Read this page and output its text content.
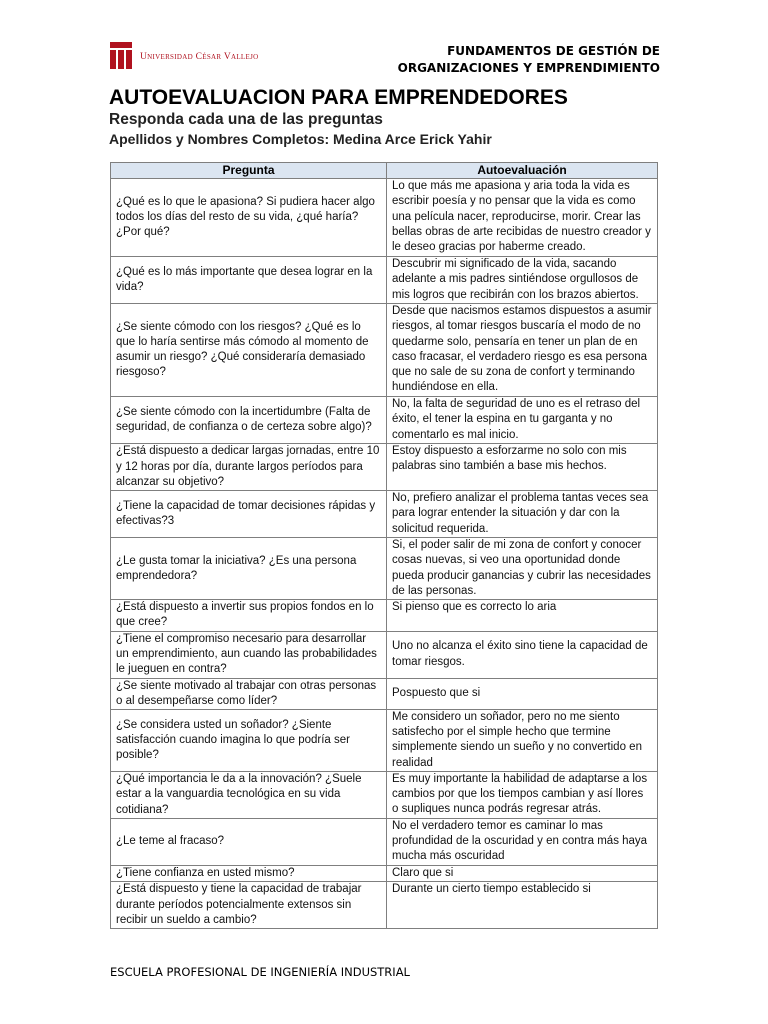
Universidad César Vallejo	FUNDAMENTOS DE GESTIÓN DE ORGANIZACIONES Y EMPRENDIMIENTO
AUTOEVALUACION PARA EMPRENDEDORES
Responda cada una de las preguntas
Apellidos y Nombres Completos: Medina Arce Erick Yahir
Pregunta	Autoevaluación
¿Qué es lo que le apasiona? Si pudiera hacer algo todos los días del resto de su vida, ¿qué haría? ¿Por qué?	Lo que más me apasiona y aria toda la vida es escribir poesía y no pensar que la vida es como una película nacer, reproducirse, morir. Crear las bellas obras de arte recibidas de nuestro creador y le deseo gracias por haberme creado.
¿Qué es lo más importante que desea lograr en la vida?	Descubrir mi significado de la vida, sacando adelante a mis padres sintiéndose orgullosos de mis logros que recibirán con los brazos abiertos.
¿Se siente cómodo con los riesgos? ¿Qué es lo que lo haría sentirse más cómodo al momento de asumir un riesgo? ¿Qué consideraría demasiado riesgoso?	Desde que nacismos estamos dispuestos a asumir riesgos, al tomar riesgos buscaría el modo de no quedarme solo, pensaría en tener un plan de en caso fracasar, el verdadero riesgo es esa persona que no sale de su zona de confort y terminando hundiéndose en ella.
¿Se siente cómodo con la incertidumbre (Falta de seguridad, de confianza o de certeza sobre algo)?	No, la falta de seguridad de uno es el retraso del éxito, el tener la espina en tu garganta y no comentarlo es mal inicio.
¿Está dispuesto a dedicar largas jornadas, entre 10 y 12 horas por día, durante largos períodos para alcanzar su objetivo?	Estoy dispuesto a esforzarme no solo con mis palabras sino también a base mis hechos.
¿Tiene la capacidad de tomar decisiones rápidas y efectivas?3	No, prefiero analizar el problema tantas veces sea para lograr entender la situación y dar con la solicitud requerida.
¿Le gusta tomar la iniciativa? ¿Es una persona emprendedora?	Si, el poder salir de mi zona de confort y conocer cosas nuevas, si veo una oportunidad donde pueda producir ganancias y cubrir las necesidades de las personas.
¿Está dispuesto a invertir sus propios fondos en lo que cree?	Si pienso que es correcto lo aria
¿Tiene el compromiso necesario para desarrollar un emprendimiento, aun cuando las probabilidades le jueguen en contra?	Uno no alcanza el éxito sino tiene la capacidad de tomar riesgos.
¿Se siente motivado al trabajar con otras personas o al desempeñarse como líder?	Pospuesto que si
¿Se considera usted un soñador? ¿Siente satisfacción cuando imagina lo que podría ser posible?	Me considero un soñador, pero no me siento satisfecho por el simple hecho que termine simplemente siendo un sueño y no convertido en realidad
¿Qué importancia le da a la innovación? ¿Suele estar a la vanguardia tecnológica en su vida cotidiana?	Es muy importante la habilidad de adaptarse a los cambios por que los tiempos cambian y así llores o supliques nunca podrás regresar atrás.
¿Le teme al fracaso?	No el verdadero temor es caminar lo mas profundidad de la oscuridad y en contra más haya mucha más oscuridad
¿Tiene confianza en usted mismo?	Claro que si
¿Está dispuesto y tiene la capacidad de trabajar durante períodos potencialmente extensos sin recibir un sueldo a cambio?	Durante un cierto tiempo establecido si
ESCUELA PROFESIONAL DE INGENIERÍA INDUSTRIAL
